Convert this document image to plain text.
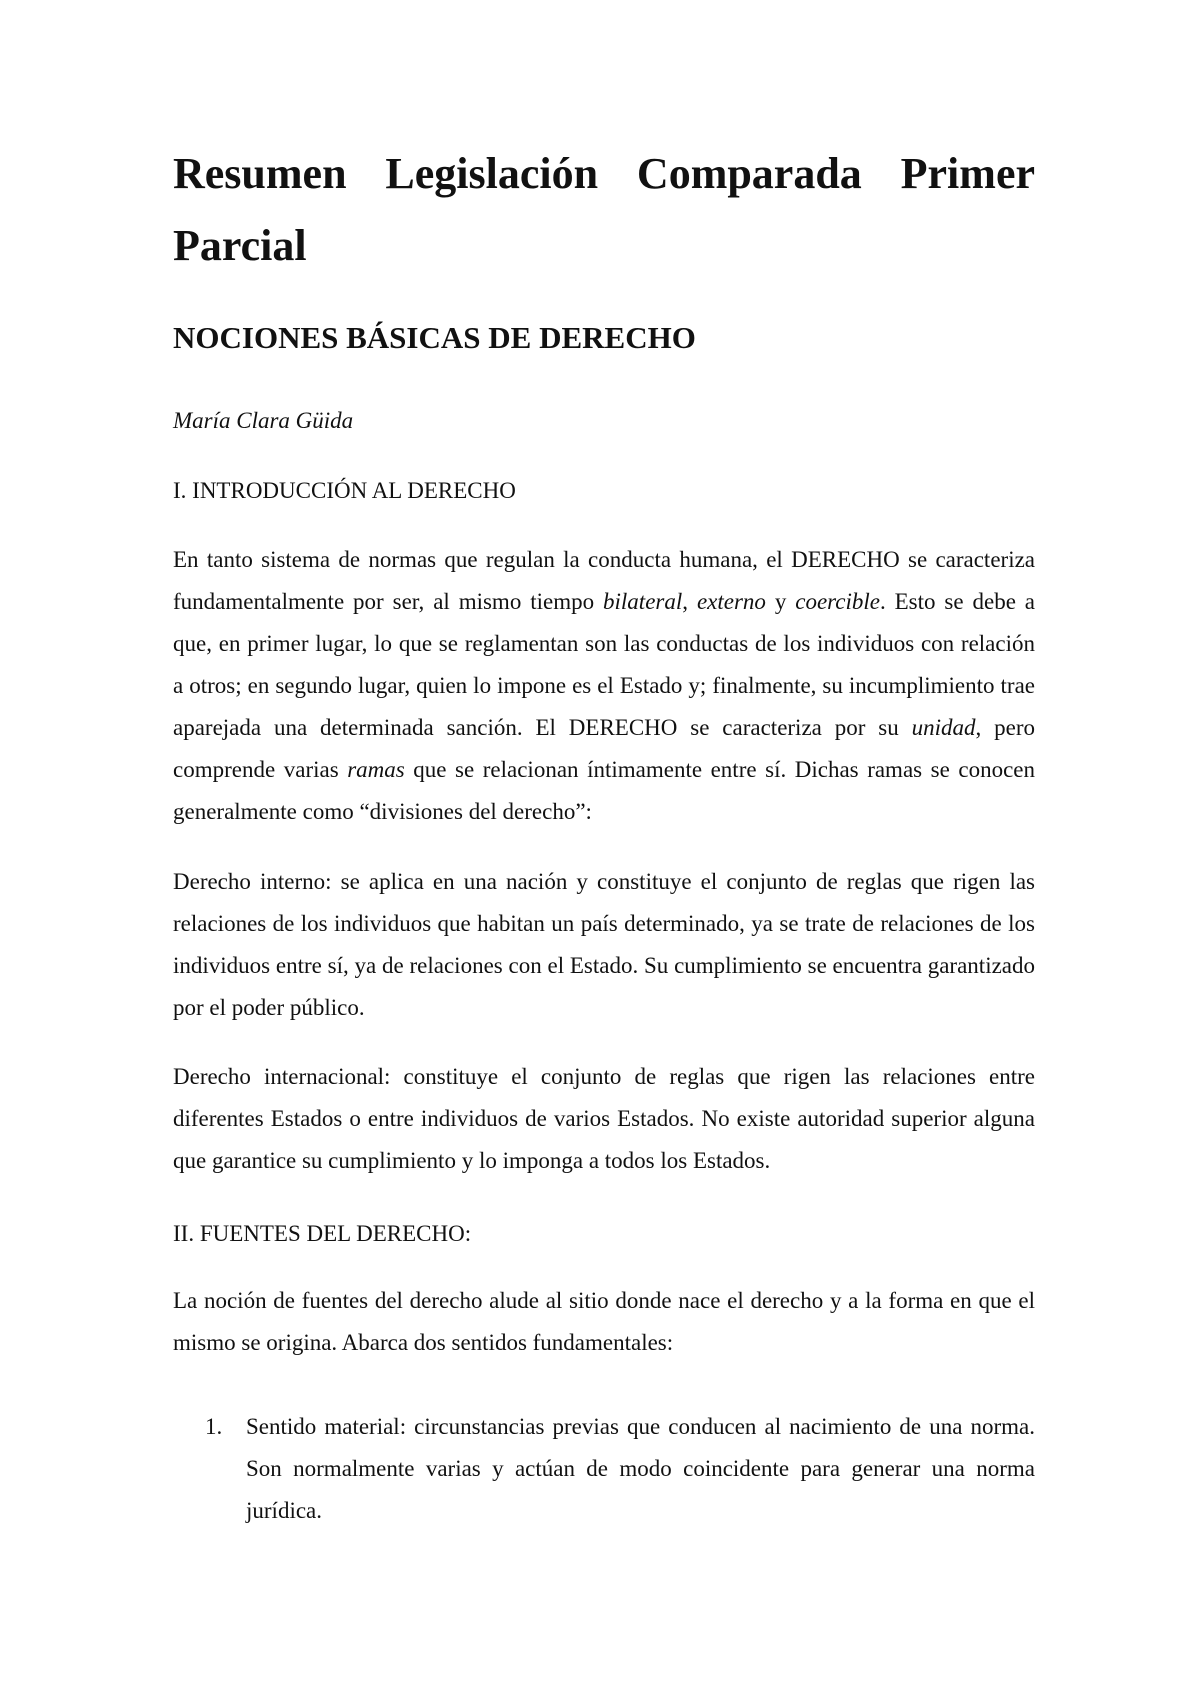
Resumen Legislación Comparada Primer Parcial
NOCIONES BÁSICAS DE DERECHO

María Clara Güida

I. INTRODUCCIÓN AL DERECHO

En tanto sistema de normas que regulan la conducta humana, el DERECHO se caracteriza fundamentalmente por ser, al mismo tiempo bilateral, externo y coercible. Esto se debe a que, en primer lugar, lo que se reglamentan son las conductas de los individuos con relación a otros; en segundo lugar, quien lo impone es el Estado y; finalmente, su incumplimiento trae aparejada una determinada sanción. El DERECHO se caracteriza por su unidad, pero comprende varias ramas que se relacionan íntimamente entre sí. Dichas ramas se conocen generalmente como “divisiones del derecho”:

Derecho interno: se aplica en una nación y constituye el conjunto de reglas que rigen las relaciones de los individuos que habitan un país determinado, ya se trate de relaciones de los individuos entre sí, ya de relaciones con el Estado. Su cumplimiento se encuentra garantizado por el poder público.

Derecho internacional: constituye el conjunto de reglas que rigen las relaciones entre diferentes Estados o entre individuos de varios Estados. No existe autoridad superior alguna que garantice su cumplimiento y lo imponga a todos los Estados.

II. FUENTES DEL DERECHO:

La noción de fuentes del derecho alude al sitio donde nace el derecho y a la forma en que el mismo se origina. Abarca dos sentidos fundamentales:

1. Sentido material: circunstancias previas que conducen al nacimiento de una norma. Son normalmente varias y actúan de modo coincidente para generar una norma jurídica.
